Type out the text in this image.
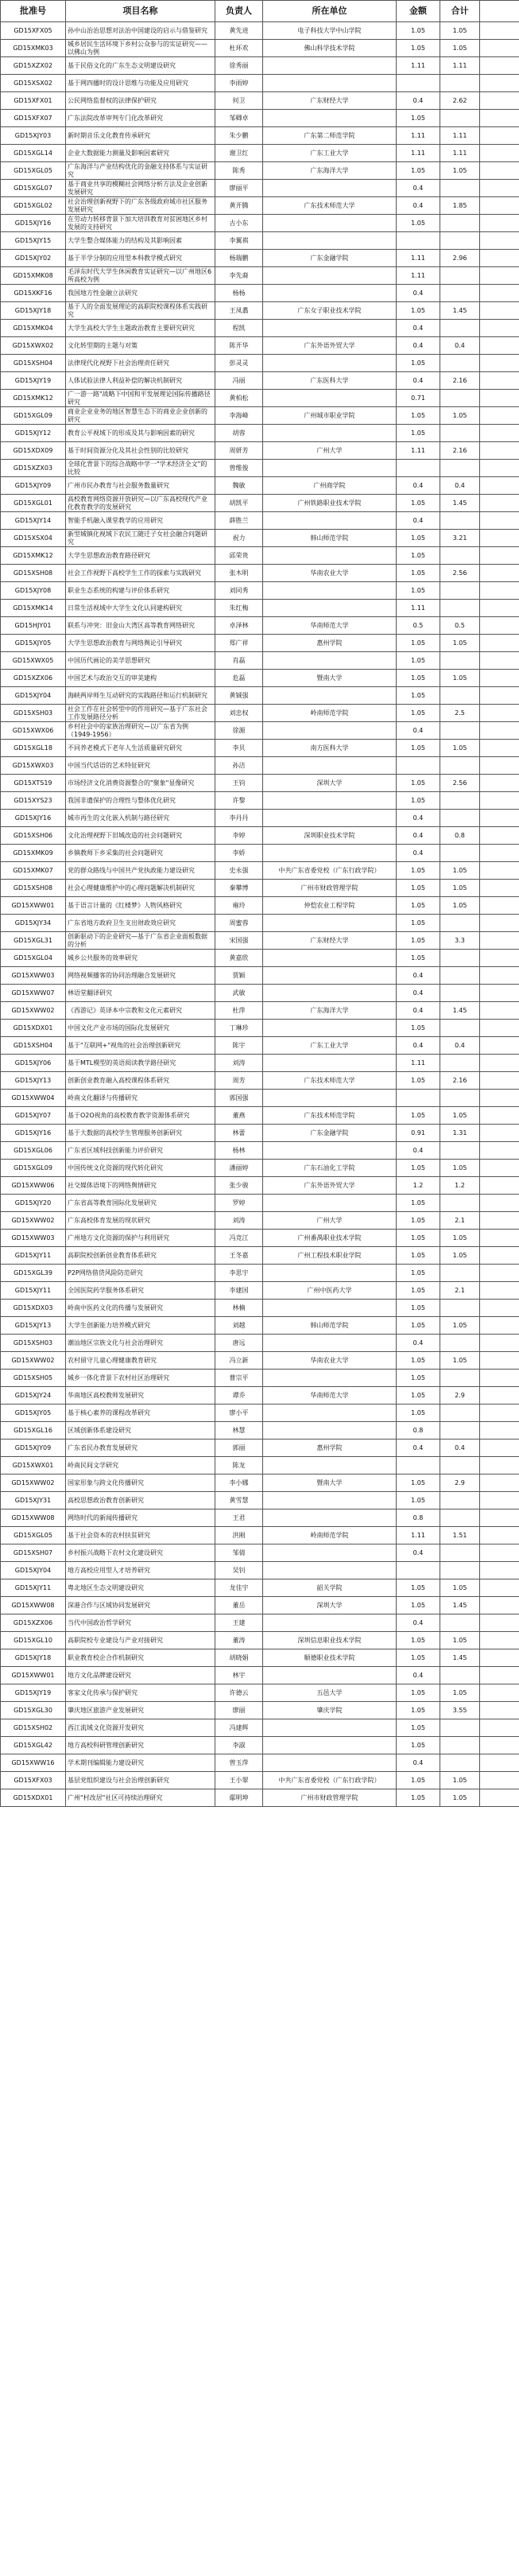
批准号	项目名称	负责人	所在单位	金额	合计	
GD15XFX05	孙中山治治思想对法治中国建设的启示与借鉴研究	黄先进	电子科技大学中山学院	1.05	1.05	
GD15XMK03	城乡居民生活环境下乡村公众参与的实证研究——以佛山为例	杜环欢	佛山科学技术学院	1.05	1.05	
GD15XZX02	基于民俗文化的广东生态文明建设研究	徐秀丽		1.11	1.11	
GD15XSX02	基于网四播时的设计思维与功能及应用研究	李雨婷				
GD15XFX01	公民网络监督权的法律保护研究	何卫	广东财经大学	0.4	2.62	
GD15XFX07	广东法院改革审判专门化改革研究	邹卿卓		1.05		
GD15XJY03	新时期音乐文化教育传承研究	朱少鹏	广东第二师范学院	1.11	1.11	
GD15XGL14	企业大数据能力测量及影响因素研究	谢卫红	广东工业大学	1.11	1.11	
GD15XGL05	广东海洋与产业结构优化的金融支持体系与实证研究	陈秀	广东海洋大学	1.05	1.05	
GD15XGL07	基于商业共享的模糊社会网络分析方法及企业创新发展研究	廖丽平		0.4		
GD15XGL02	社会治理创新视野下的广东各级政府城市社区服务发展研究	黄开腾	广东技术师范大学	0.4	1.85	
GD15XJY16	在劳动力转移背景下加大培训教育对贫困地区乡村发展的支持研究	古小东		1.05		
GD15XJY15	大学生整合媒体能力的结构及其影响因素	李翼祺				
GD15XJY02	基于半学分制的应用型本科教学模式研究	杨瑞鹏	广东金融学院	1.11	2.96	
GD15XMK08	毛泽东时代大学生休闲教育实证研究—以广州地区6所高校为例	李先裔		1.11		
GD15XKF16	我国地方性金融立法研究	杨杨		0.4		
GD15XJY18	基于人的全面发展理论的高职院校课程体系实践研究	王凤翥	广东女子职业技术学院	1.05	1.45	
GD15XMK04	大学生高校大学生主题政治教育主要研究研究	程凯		0.4		
GD15XWX02	文化转型期的主题与对策	陈开华	广东外语外贸大学	0.4	0.4	
GD15XSH04	法律现代化视野下社会治理责任研究	彭灵灵		1.05		
GD15XJY19	人体试验法律人利益补偿的解决机制研究	冯丽	广东医科大学	0.4	2.16	
GD15XMK12	广一游一路"战略下中国和平发展理论国际传播路径研究	黄柏松		0.71		
GD15XGL09	商业企业业务的地区智慧生态下的商业企业创新的研究	李海峰	广州城市职业学院	1.05	1.05	
GD15XJY12	教育公平视域下的形成及其与影响因素的研究	胡蓉		1.05		
GD15XDX09	基于时间资源分化及其社会性别的比较研究	周妍芳	广州大学	1.11	2.16	
GD15XZX03	全球化背景下的综合战略中学一"学术经济全文"的比较	曾维俊				
GD15XJY09	广州市民办教育与社会服务数量研究	魏敏	广州商学院	0.4	0.4	
GD15XGL01	高校教育网络资源开放研究—以广东高校现代产业化教育教学的发展研究	胡凯平	广州铁路职业技术学院	1.05	1.45	
GD15XJY14	智能手机融入课堂教学的应用研究	薛胜兰		0.4		
GD15XSX04	新型城镇化视域下农民工随迁子女社会融合问题研究	祝力	韩山师范学院	1.05	3.21	
GD15XMK12	大学生思想政治教育路径研究	邱荣贵		1.05		
GD15XSH08	社会工作视野下高校学生工作的探索与实践研究	张木明	华南农业大学	1.05	2.56	
GD15XJY08	职业生态系统的构建与评价体系研究	刘同秀		1.05		
GD15XMK14	日常生活视域中大学生文化认同建构研究	朱红梅		1.11		
GD15HJY01	联系与冲突：旧金山大湾区高等教育网络研究	卓泽林	华南师范大学	0.5	0.5	
GD15XJY05	大学生思想政治教育与网络舆论引导研究	郑广祥	惠州学院	1.05	1.05	
GD15XWX05	中国历代画论的美学思想研究	肖磊		1.05		
GD15XZX06	中国艺术与政治交互的审美建构	危磊	暨南大学	1.05	1.05	
GD15XJY04	海峡两岸师生互动研究的实践路径和运行机制研究	黄铖强		1.05		
GD15XSH03	社会工作在社会转型中的作用研究—基于广东社会工作发展路径分析	刘忠权	岭南师范学院	1.05	2.5	
GD15XWX06	乡村社会中的家族治理研究—以广东省为例（1949-1956）	徐源		0.4		
GD15XGL18	不同养老模式下老年人生活质量研究研究	李贝	南方医科大学	1.05	1.05	
GD15XWX03	中国当代话语的艺术特征研究	孙洁				
GD15XTS19	市场经济文化消费资源整合的"聚象"显像研究	王钧	深圳大学	1.05	2.56	
GD15XYS23	我国非遗保护的合理性与整体优化研究	许黎		1.05		
GD15XJY16	城市再生的文化嵌入机制与路径研究	李丹丹		0.4		
GD15XSH06	文化治理视野下旧城改造的社会问题研究	李婷	深圳职业技术学院	0.4	0.8	
GD15XMK09	乡镇教师下乡采集的社会问题研究	李娇		0.4		
GD15XMK07	党的群众路线与中国共产党执政能力建设研究	史永强	中共广东省委党校（广东行政学院）	1.05	1.05	
GD15XSH08	社会心理健康维护中的心理问题解决机制研究	秦攀博	广州市财政管理学院	1.05	1.05	
GD15XWW01	基于语言计量的《红楼梦》人物风格研究	雍玲	仲恺农业工程学院	1.05	1.05	
GD15XJY34	广东省地方政府卫生支出财政效应研究	周蜜蓉		1.05		
GD15XGL31	创新驱动下的企业研究—基于广东省企业面板数据的分析	宋国强	广东财经大学	1.05	3.3	
GD15XGL04	城乡公共服务的效率研究	黄嘉欣		1.05		
GD15XWW03	网络视频播客的协同治理融合发展研究	贾颖		0.4		
GD15XWW07	林语堂翻译研究	武敏		0.4		
GD15XWW02	《西游记》英译本中宗教和文化元素研究	杜萍	广东海洋大学	0.4	1.45	
GD15XDX01	中国文化产业市场的国际化发展研究	丁琳珍		1.05		
GD15XSH04	基于"互联网+"视角的社会治理创新研究	陈宇	广东工业大学	0.4	0.4	
GD15XJY06	基于MTL模型的英语阅读教学路径研究	刘涛		1.11		
GD15XJY13	创新创业教育融入高校课程体系研究	周芳	广东技术师范大学	1.05	2.16	
GD15XWW04	岭南文化翻译与传播研究	郭国强				
GD15XJY07	基于O2O视角的高校教育教学资源体系研究	董燕	广东技术师范学院	1.05	1.05	
GD15XJY16	基于大数据的高校学生管理服务创新研究	林蕾	广东金融学院	0.91	1.31	
GD15XGL06	广东省区域科技创新能力评价研究	杨林		0.4		
GD15XGL09	中国传统文化资源的现代转化研究	潘丽婷	广东石油化工学院	1.05	1.05	
GD15XWW06	社交媒体语境下的网络舆情研究	张少骏	广东外语外贸大学	1.2	1.2	
GD15XJY20	广东省高等教育国际化发展研究	罗婷		1.05		
GD15XWW02	广东高校体育发展的现状研究	刘涛	广州大学	1.05	2.1	
GD15XWW03	广州地方文化资源的保护与利用研究	冯竞江	广州番禺职业技术学院	1.05	1.05	
GD15XJY11	高职院校创新创业教育体系研究	王冬嘉	广州工程技术职业学院	1.05	1.05	
GD15XGL39	P2P网络借贷风险防范研究	李思宇		1.05		
GD15XJY11	全国医院药学服务体系研究	李建国	广州中医药大学	1.05	2.1	
GD15XDX03	岭南中医药文化的传播与发展研究	林楠		1.05		
GD15XJY13	大学生创新能力培养模式研究	刘越	韩山师范学院	1.05	1.05	
GD15XSH03	潮汕地区宗族文化与社会治理研究	唐远		0.4		
GD15XWW02	农村留守儿童心理健康教育研究	冯立新	华南农业大学	1.05	1.05	
GD15XSH05	城乡一体化背景下农村社区治理研究	曹宗平		1.05		
GD15XJY24	华南地区高校教师发展研究	谭乔	华南师范大学	1.05	2.9	
GD15XJY05	基于核心素养的课程改革研究	廖小平		1.05		
GD15XGL16	区域创新体系建设研究	林慧		0.8		
GD15XJY09	广东省民办教育发展研究	郭丽	惠州学院	0.4	0.4	
GD15XWX01	岭南民间文学研究	陈龙				
GD15XWW02	国家形象与跨文化传播研究	李小娜	暨南大学	1.05	2.9	
GD15XJY31	高校思想政治教育创新研究	黄雪慧		1.05		
GD15XWW08	网络时代的新闻传播研究	王君		0.8		
GD15XGL05	基于社会资本的农村扶贫研究	洪刚	岭南师范学院	1.11	1.51	
GD15XSH07	乡村振兴战略下农村文化建设研究	邹倩		0.4		
GD15XJY04	地方高校应用型人才培养研究	吴钊				
GD15XJY11	粤北地区生态文明建设研究	龙佳宇	韶关学院	1.05	1.05	
GD15XWW08	深港合作与区域协同发展研究	董岳	深圳大学	1.05	1.45	
GD15XZX06	当代中国政治哲学研究	王建		0.4		
GD15XGL10	高职院校专业建设与产业对接研究	董涛	深圳信息职业技术学院	1.05	1.05	
GD15XJY18	职业教育校企合作机制研究	胡晓娟	顺德职业技术学院	1.05	1.45	
GD15XWW01	地方文化品牌建设研究	林宇		0.4		
GD15XJY19	客家文化传承与保护研究	许德云	五邑大学	1.05	1.05	
GD15XGL30	肇庆地区旅游产业发展研究	廖丽	肇庆学院	1.05	3.55	
GD15XSH02	西江流域文化资源开发研究	冯建辉		1.05		
GD15XGL42	地方高校科研管理创新研究	李淑		1.05		
GD15XWW16	学术期刊编辑能力建设研究	曾玉萍		0.4		
GD15XFX03	基层党组织建设与社会治理创新研究	王小翠	中共广东省委党校（广东行政学院）	1.05	1.05	
GD15XDX01	广州"村改居"社区可持续治理研究	鄢明坤	广州市财政管理学院	1.05	1.05	
